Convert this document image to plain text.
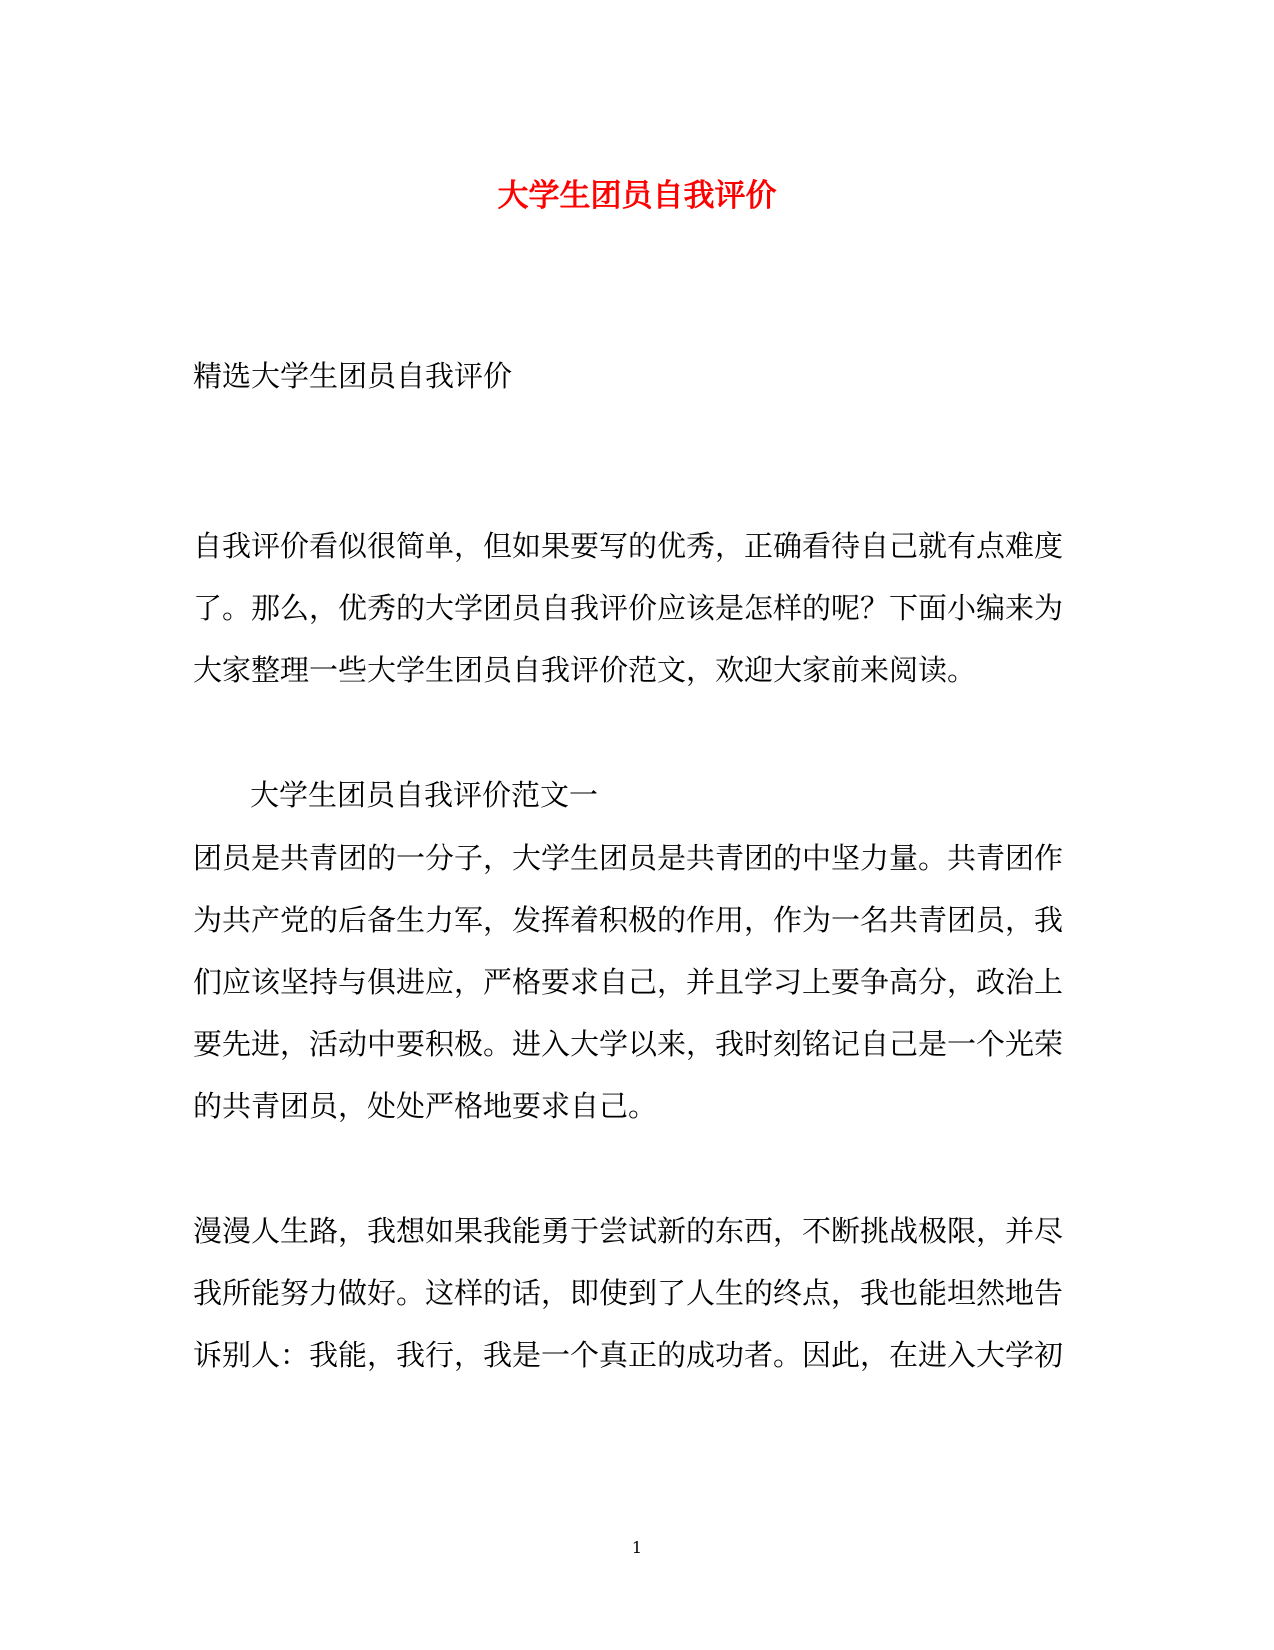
大学生团员自我评价
精选大学生团员自我评价
自我评价看似很简单，但如果要写的优秀，正确看待自己就有点难度
了。那么，优秀的大学团员自我评价应该是怎样的呢？下面小编来为
大家整理一些大学生团员自我评价范文，欢迎大家前来阅读。
大学生团员自我评价范文一
团员是共青团的一分子，大学生团员是共青团的中坚力量。共青团作
为共产党的后备生力军，发挥着积极的作用，作为一名共青团员，我
们应该坚持与俱进应，严格要求自己，并且学习上要争高分，政治上
要先进，活动中要积极。进入大学以来，我时刻铭记自己是一个光荣
的共青团员，处处严格地要求自己。
漫漫人生路，我想如果我能勇于尝试新的东西，不断挑战极限，并尽
我所能努力做好。这样的话，即使到了人生的终点，我也能坦然地告
诉别人：我能，我行，我是一个真正的成功者。因此，在进入大学初
1
